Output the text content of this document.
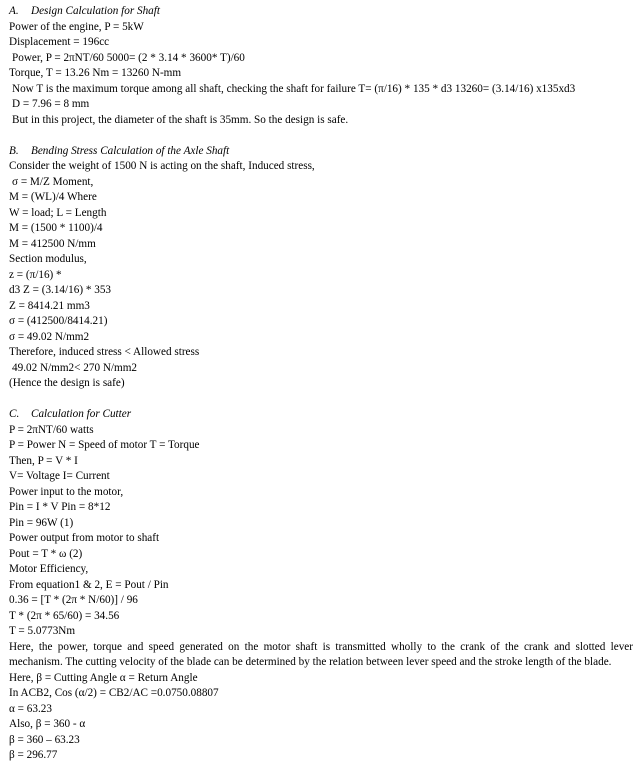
A. Design Calculation for Shaft
Power of the engine, P = 5kW
Displacement = 196cc
Power, P = 2πNT/60 5000= (2 * 3.14 * 3600* T)/60
Torque, T = 13.26 Nm = 13260 N-mm
Now T is the maximum torque among all shaft, checking the shaft for failure T= (π/16) * 135 * d3 13260= (3.14/16) x135xd3
D = 7.96 = 8 mm
But in this project, the diameter of the shaft is 35mm. So the design is safe.
B. Bending Stress Calculation of the Axle Shaft
Consider the weight of 1500 N is acting on the shaft, Induced stress,
σ = M/Z Moment,
M = (WL)/4 Where
W = load; L = Length
M = (1500 * 1100)/4
M = 412500 N/mm
Section modulus,
z = (π/16) *
d3 Z = (3.14/16) * 353
Z = 8414.21 mm3
σ = (412500/8414.21)
σ = 49.02 N/mm2
Therefore, induced stress < Allowed stress
49.02 N/mm2< 270 N/mm2
(Hence the design is safe)
C. Calculation for Cutter
P = 2πNT/60 watts
P = Power N = Speed of motor T = Torque
Then, P = V * I
V= Voltage I= Current
Power input to the motor,
Pin = I * V Pin = 8*12
Pin = 96W (1)
Power output from motor to shaft
Pout = T * ω (2)
Motor Efficiency,
From equation1 & 2, E = Pout / Pin
0.36 = [T * (2π * N/60)] / 96
T * (2π * 65/60) = 34.56
T = 5.0773Nm
Here, the power, torque and speed generated on the motor shaft is transmitted wholly to the crank of the crank and slotted lever mechanism. The cutting velocity of the blade can be determined by the relation between lever speed and the stroke length of the blade.
Here, β = Cutting Angle α = Return Angle
In ACB2, Cos (α/2) = CB2/AC =0.0750.08807
α = 63.23
Also, β = 360 - α
β = 360 – 63.23
β = 296.77
